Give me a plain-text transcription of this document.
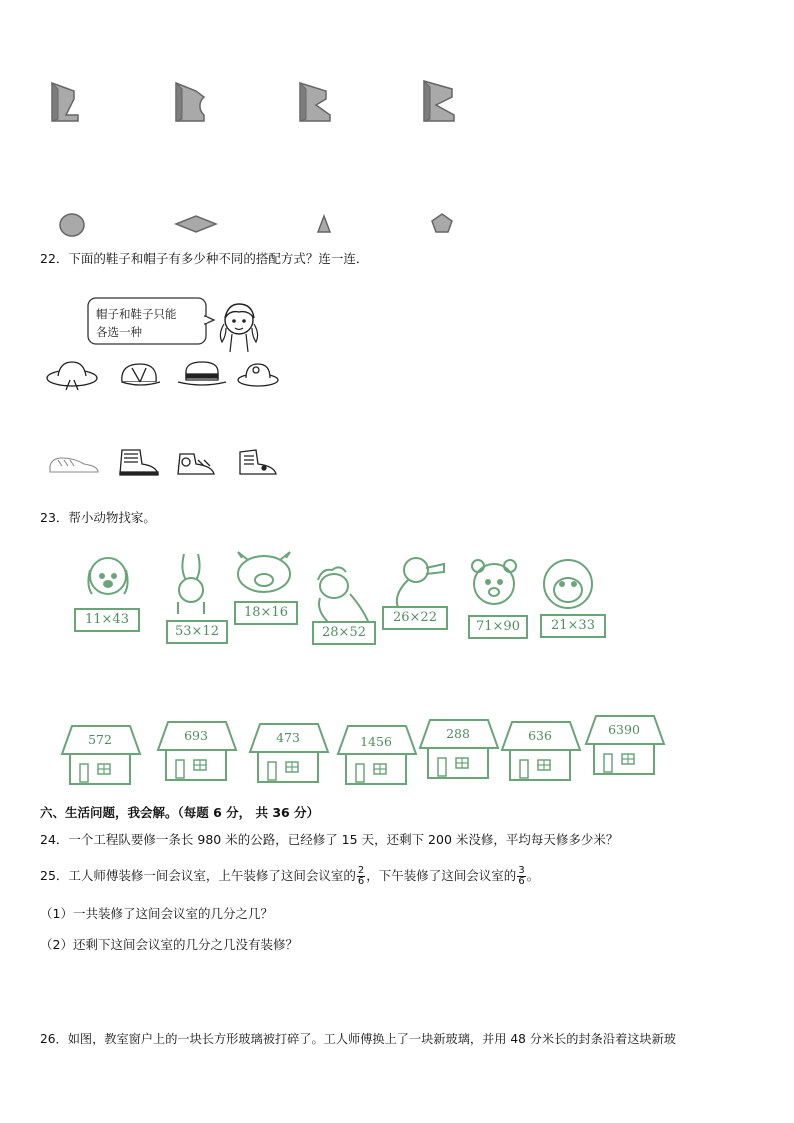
22．下面的鞋子和帽子有多少种不同的搭配方式？连一连．
帽子和鞋子只能
各选一种
23．帮小动物找家。
11×43
53×12
18×16
28×52
26×22
71×90	21×33
572	693	473	1456
288	636	6390
六、生活问题，我会解。（每题 6 分， 共 36 分）
24．一个工程队要修一条长 980 米的公路，已经修了 15 天，还剩下 200 米没修，平均每天修多少米？
25．工人师傅装修一间会议室，上午装修了这间会议室的 $\frac{2}{6}$ ，下午装修了这间会议室的 $\frac{3}{6}$ 。
（1）一共装修了这间会议室的几分之几？
（2）还剩下这间会议室的几分之几没有装修？
26．如图，教室窗户上的一块长方形玻璃被打碎了。工人师傅换上了一块新玻璃，并用 48 分米长的封条沿着这块新玻
